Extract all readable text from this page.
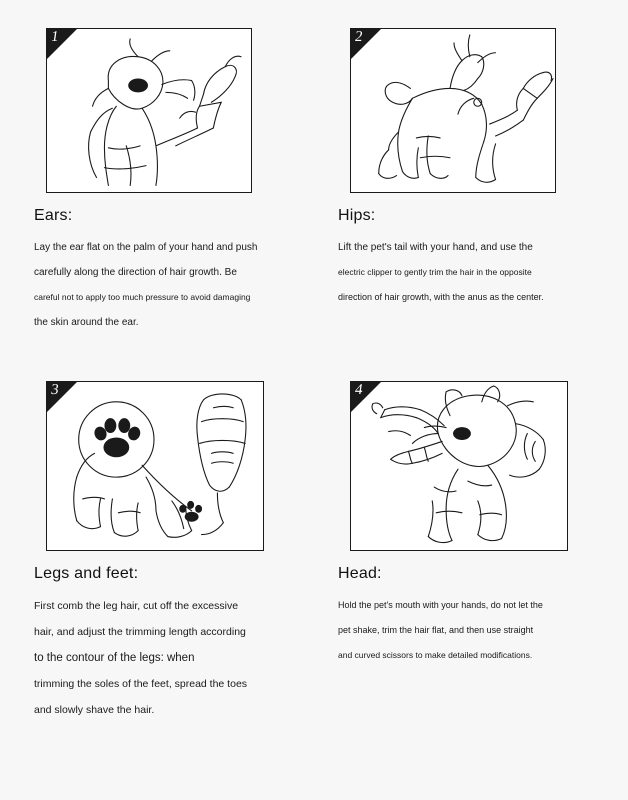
1
Ears:
Lay the ear flat on the palm of your hand and push
carefully along the direction of hair growth. Be
careful not to apply too much pressure to avoid damaging
the skin around the ear.
2
Hips:
Lift the pet's tail with your hand, and use the
electric clipper to gently trim the hair in the opposite
direction of hair growth, with the anus as the center.
3
Legs and feet:
First comb the leg hair, cut off the excessive
hair, and adjust the trimming length according
to the contour of the legs: when
trimming the soles of the feet, spread the toes
and slowly shave the hair.
4
Head:
Hold the pet's mouth with your hands, do not let the
pet shake, trim the hair flat, and then use straight
and curved scissors to make detailed modifications.
